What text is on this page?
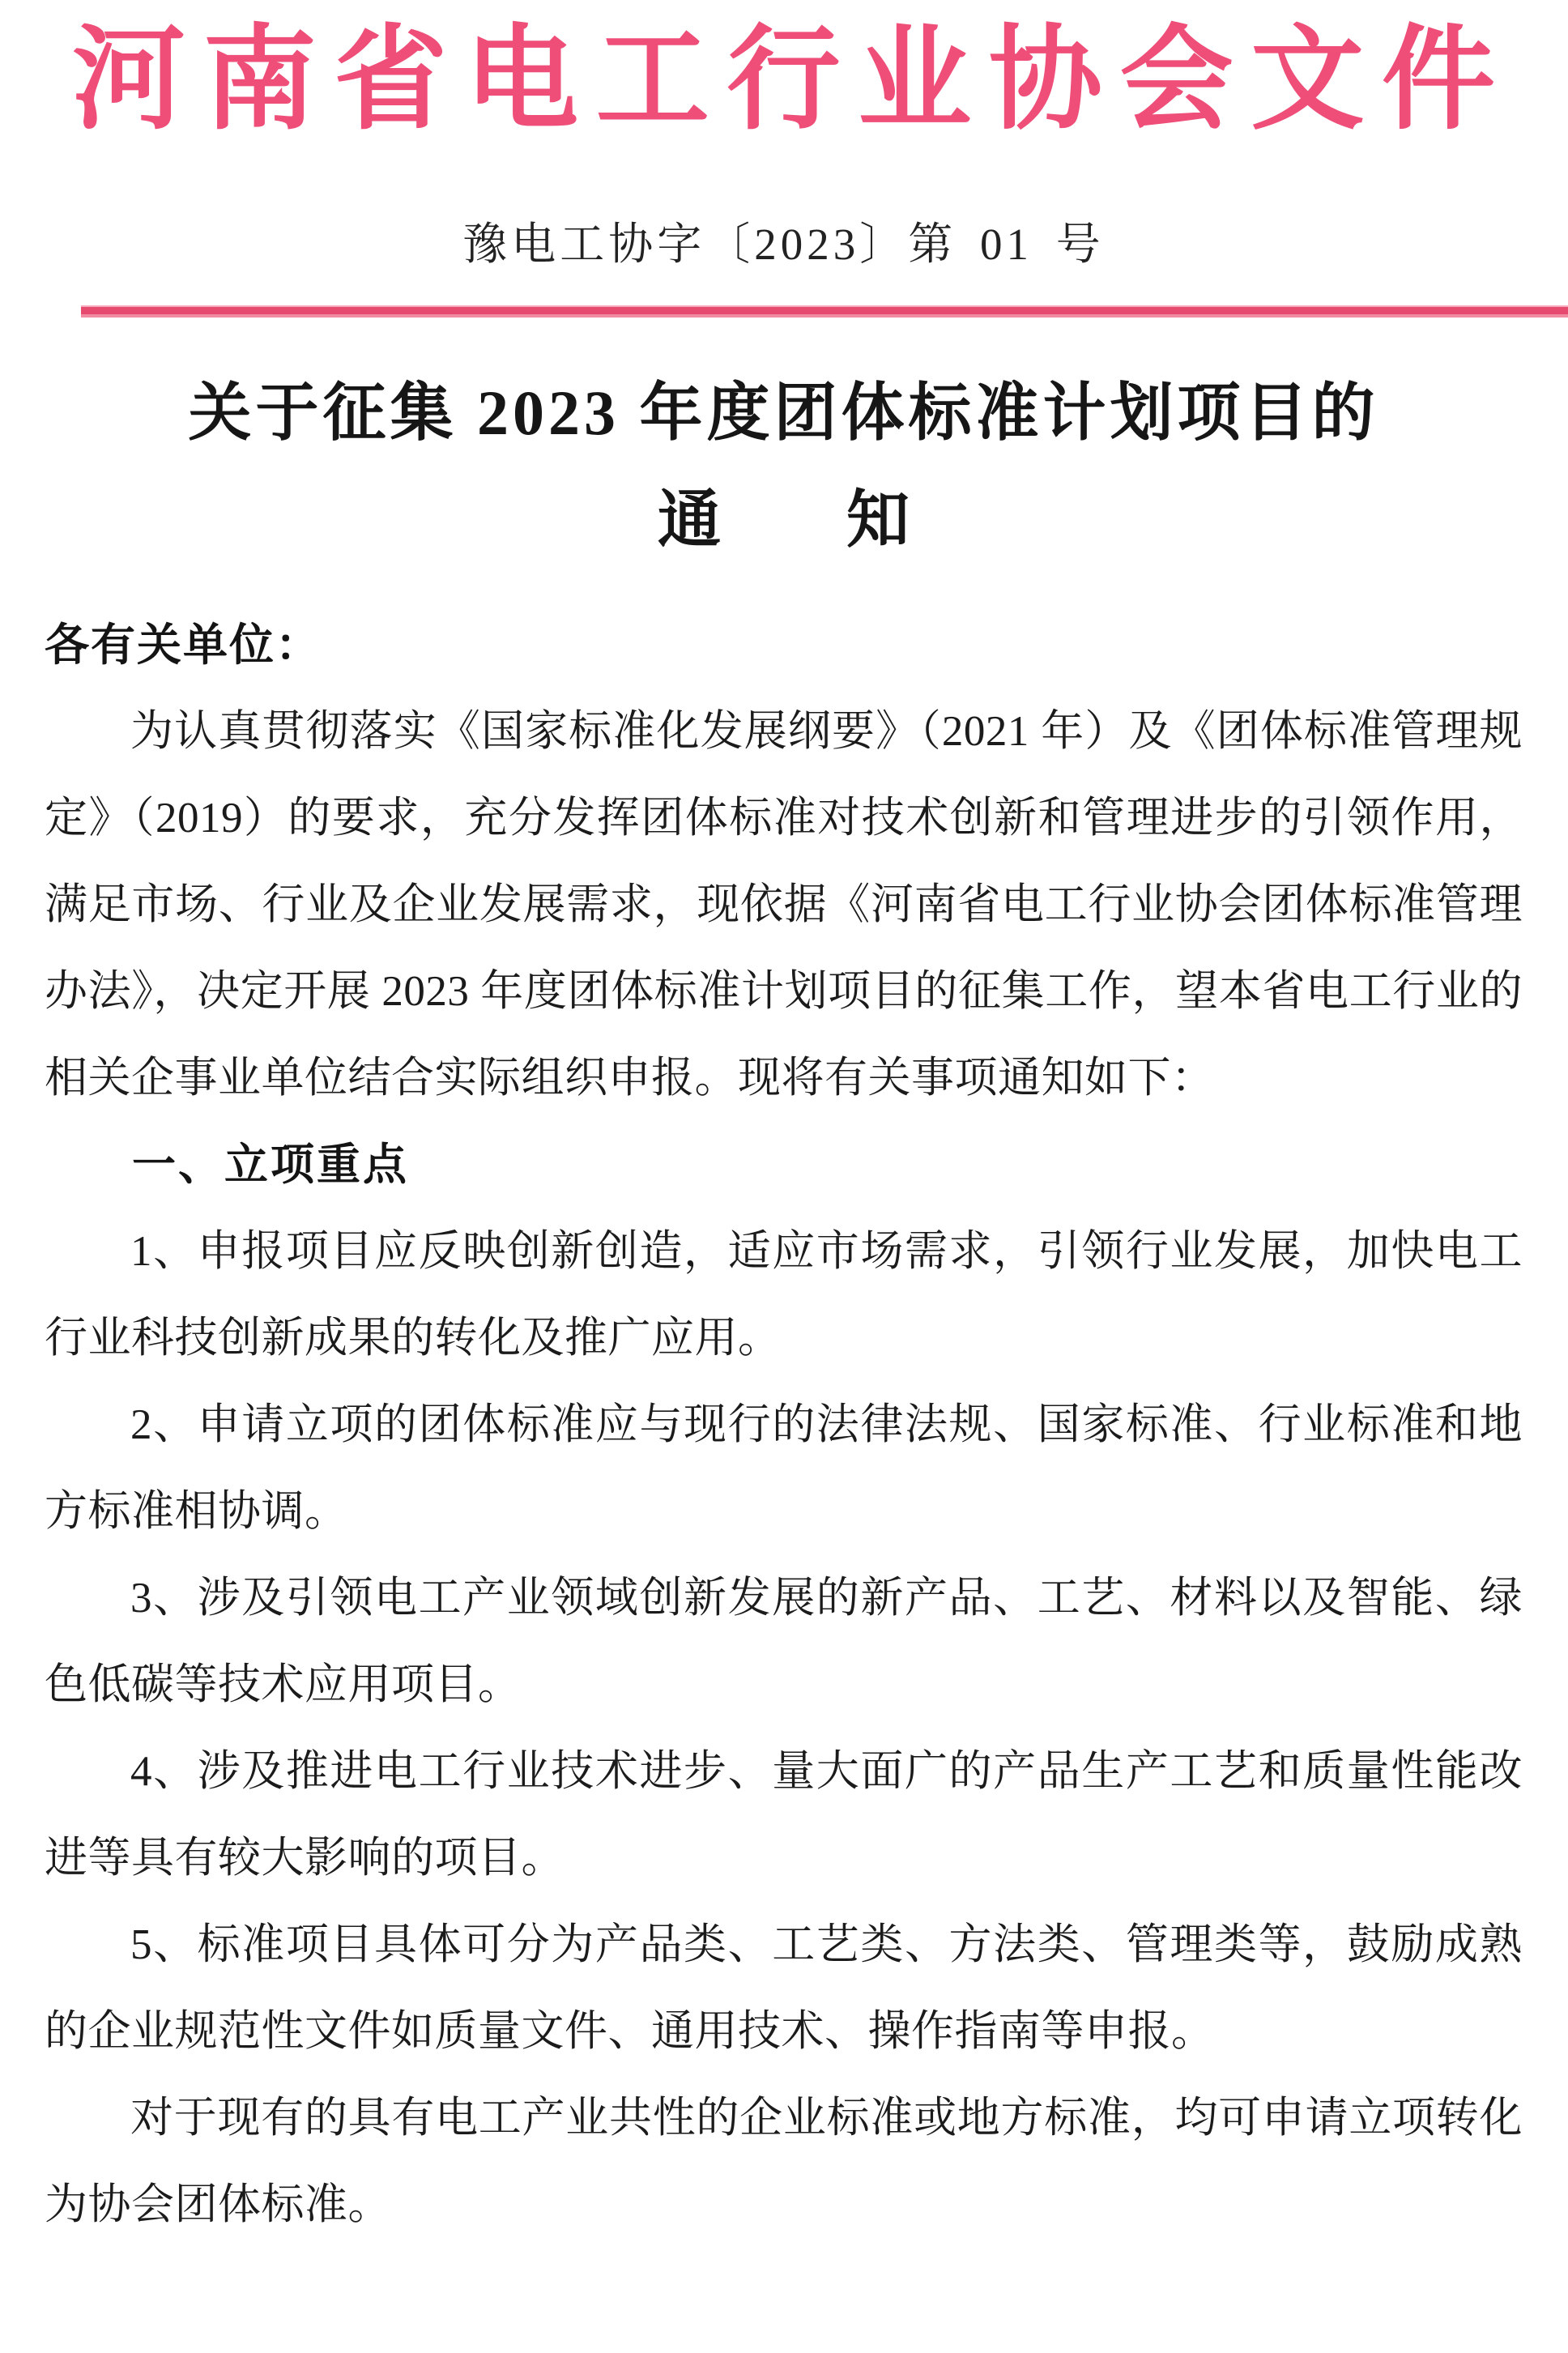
河南省电工行业协会文件
豫电工协字〔2023〕第 01 号
关于征集 2023 年度团体标准计划项目的
通 知

各有关单位：

为认真贯彻落实《国家标准化发展纲要》（2021 年）及《团体标准管理规定》（2019）的要求，充分发挥团体标准对技术创新和管理进步的引领作用，满足市场、行业及企业发展需求，现依据《河南省电工行业协会团体标准管理办法》，决定开展 2023 年度团体标准计划项目的征集工作，望本省电工行业的相关企事业单位结合实际组织申报。现将有关事项通知如下：

一、立项重点

1、申报项目应反映创新创造，适应市场需求，引领行业发展，加快电工行业科技创新成果的转化及推广应用。

2、申请立项的团体标准应与现行的法律法规、国家标准、行业标准和地方标准相协调。

3、涉及引领电工产业领域创新发展的新产品、工艺、材料以及智能、绿色低碳等技术应用项目。

4、涉及推进电工行业技术进步、量大面广的产品生产工艺和质量性能改进等具有较大影响的项目。

5、标准项目具体可分为产品类、工艺类、方法类、管理类等，鼓励成熟的企业规范性文件如质量文件、通用技术、操作指南等申报。

对于现有的具有电工产业共性的企业标准或地方标准，均可申请立项转化为协会团体标准。
